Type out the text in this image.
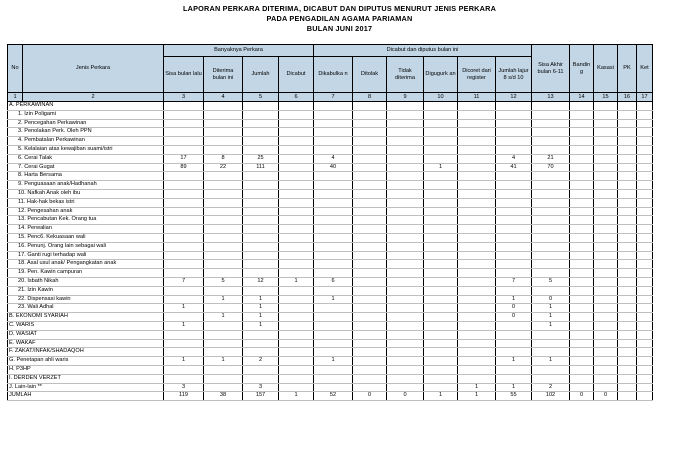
LAPORAN PERKARA DITERIMA, DICABUT DAN DIPUTUS MENURUT JENIS PERKARA
PADA PENGADILAN AGAMA PARIAMAN
BULAN JUNI 2017
No	Jenis Perkara	Banyaknya Perkara				Dicabut dan diputus bulan ini						Sisa Akhir bulan 6-11	Bandin g	Kasasi	PK	Ket
		Sisa bulan lalu	Diterima bulan ini	Jumlah	Dicabut	Dikabulka n	Ditolak	Tidak diterima	Digugurk an	Dicoret dari register	Jumlah lajur 8 s/d 10					
1	2	3	4	5	6	7	8	9	10	11	12	13	14	15	16	17
A. PERKAWINAN																
1. Izin Poligami																
2. Pencegahan Perkawinan																
3. Penolakan Perk. Oleh PPN																
4. Pembatalan Perkawinan																
5. Kelalaian atas kewajiban suami/istri																
6. Cerai Talak		17	8	25		4					4	21				
7. Cerai Gugat		89	22	111		40			1		41	70				
8. Harta Bersama																
9. Penguasaan anak/Hadhanah																
10. Nafkah Anak oleh ibu																
11. Hak-hak bekas istri																
12. Pengesahan anak																
13. Pencabutan Kek. Orang tua																
14. Perwalian																
15. Penc6. Kekuasaan wali																
16. Penunj. Orang lain sebagai wali																
17. Ganti rugi terhadap wali																
18. Asal usul anak/ Pengangkatan anak																
19. Pen. Kawin campuran																
20. Isbath Nikah		7	5	12	1	6					7	5				
21. Izin Kawin																
22. Dispensasi kawin			1	1		1					1	0				
23. Wali Adhal		1		1							0	1				
B. EKONOMI SYARIAH			1	1							0	1				
C. WARIS		1		1								1				
D. WASIAT																
E. WAKAF																
F. ZAKAT/INFAK/SHADAQOH																
G. Penetapan ahli waris		1	1	2		1					1	1				
H. P3HP																
I. DERDEN VERZET																
J. Lain-lain **		3		3						1	1	2				
JUMLAH		119	38	157	1	52	0	0	1	1	55	102	0	0		
